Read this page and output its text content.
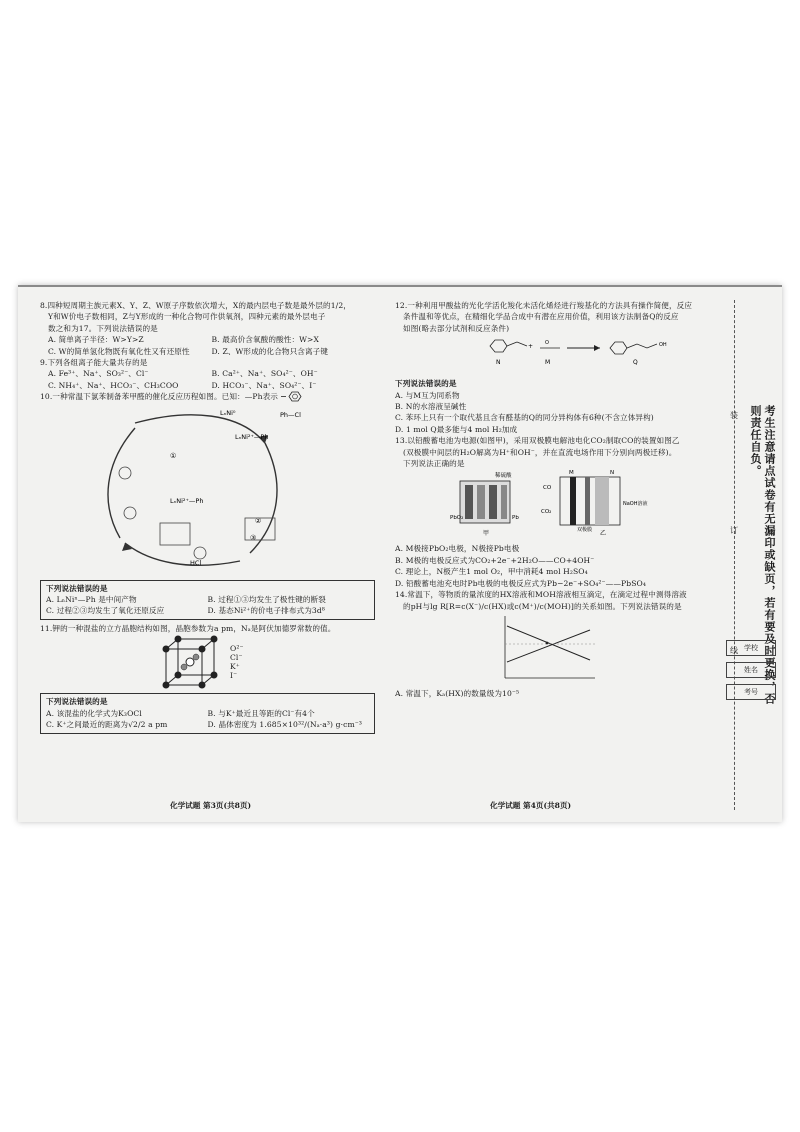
8.四种短周期主族元素X、Y、Z、W原子序数依次增大，X的最内层电子数是最外层的1/2，
Y和W价电子数相同，Z与Y形成的一种化合物可作供氧剂，四种元素的最外层电子
数之和为17。下列说法错误的是
A. 简单离子半径：W>Y>Z	B. 最高价含氧酸的酸性：W>X
C. W的简单氢化物既有氧化性又有还原性	D. Z、W形成的化合物只含离子键
9.下列各组离子能大量共存的是
A. Fe³⁺、Na⁺、SO₃²⁻、Cl⁻	B. Ca²⁺、Na⁺、SO₄²⁻、OH⁻
C. NH₄⁺、Na⁺、HCO₃⁻、CH₃COO	D. HCO₃⁻、Na⁺、SO₄²⁻、I⁻
10.一种常温下氯苯制备苯甲醛的催化反应历程如图。已知：—Ph表示
LₙNi⁰	Ph—Cl
LₙNi²⁺—Ph
LₙNi²⁺—Ph
HCl
①
②
③
下列说法错误的是
A. LₙNiⁿ—Ph 是中间产物	B. 过程①③均发生了极性键的断裂
C. 过程②③均发生了氧化还原反应	D. 基态Ni²⁺的价电子排布式为3d⁸
11.钾的一种混盐的立方晶胞结构如图，晶胞参数为a pm，Nₐ是阿伏加德罗常数的值。
O²⁻
Cl⁻
K⁺
I⁻
下列说法错误的是
A. 该混盐的化学式为K₃OCl	B. 与K⁺最近且等距的Cl⁻有4个
C. K⁺之间最近的距离为√2/2 a pm	D. 晶体密度为 1.685×10³²/(Nₐ·a³) g·cm⁻³
化学试题 第3页(共8页)
12.一种利用甲酸盐的光化学活化羧化未活化烯烃进行羧基化的方法具有操作简便，反应
条件温和等优点，在精细化学品合成中有潜在应用价值，利用该方法制备Q的反应
如图(略去部分试剂和反应条件)
+ O	OH
N	M	Q
下列说法错误的是
A. 与M互为同系物
B. N的水溶液呈碱性
C. 苯环上只有一个取代基且含有醛基的Q的同分异构体有6种(不含立体异构)
D. 1 mol Q最多能与4 mol H₂加成
13.以铅酸蓄电池为电源(如图甲)，采用双极膜电解池电化CO₂制取CO的装置如图乙
(双极膜中间层的H₂O解离为H⁺和OH⁻，并在直流电场作用下分别向两极迁移)。
下列说法正确的是
稀硫酸
PbO₂	Pb
甲	乙
CO
CO₂
NaOH溶液
双极膜
M	N
A. M极接PbO₂电极，N极接Pb电极
B. M极的电极反应式为CO₂+2e⁻+2H₂O——CO+4OH⁻
C. 理论上，N极产生1 mol O₂，甲中消耗4 mol H₂SO₄
D. 铅酸蓄电池充电时Pb电极的电极反应式为Pb−2e⁻+SO₄²⁻——PbSO₄
14.常温下，等物质的量浓度的HX溶液和MOH溶液相互滴定，在滴定过程中测得溶液
的pH与lg R[R=c(X⁻)/c(HX)或c(M⁺)/c(MOH)]的关系如图。下列说法错误的是
A. 常温下，Kₐ(HX)的数量级为10⁻⁵
化学试题 第4页(共8页)
装
订
线	考生注意请点试卷有无漏印或缺页，若有要及时更换，否则责任自负。
学校
姓名
考号
